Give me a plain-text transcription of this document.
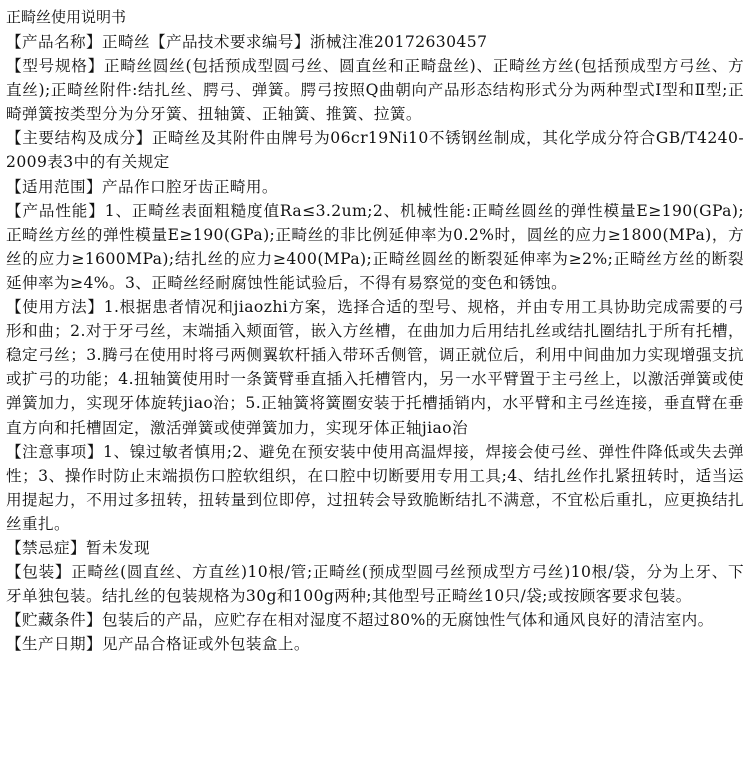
正畸丝使用说明书

【产品名称】正畸丝【产品技术要求编号】浙械注准20172630457

【型号规格】正畸丝圆丝(包括预成型圆弓丝、圆直丝和正畸盘丝)、正畸丝方丝(包括预成型方弓丝、方直丝);正畸丝附件:结扎丝、腭弓、弹簧。腭弓按照Q曲朝向产品形态结构形式分为两种型式I型和Ⅱ型;正畸弹簧按类型分为分牙簧、扭轴簧、正轴簧、推簧、拉簧。

【主要结构及成分】正畸丝及其附件由牌号为06cr19Ni10不锈钢丝制成，其化学成分符合GB/T4240-2009表3中的有关规定

【适用范围】产品作口腔牙齿正畸用。

【产品性能】1、正畸丝表面粗糙度值Ra≤3.2um;2、机械性能:正畸丝圆丝的弹性模量E≥190(GPa);正畸丝方丝的弹性模量E≥190(GPa);正畸丝的非比例延伸率为0.2%时，圆丝的应力≥1800(MPa)，方丝的应力≥1600MPa);结扎丝的应力≥400(MPa);正畸丝圆丝的断裂延伸率为≥2%;正畸丝方丝的断裂延伸率为≥4%。3、正畸丝经耐腐蚀性能试验后，不得有易察觉的变色和锈蚀。

【使用方法】1.根据患者情况和jiaozhi方案，选择合适的型号、规格，并由专用工具协助完成需要的弓形和曲；2.对于牙弓丝，末端插入颊面管，嵌入方丝槽，在曲加力后用结扎丝或结扎圈结扎于所有托槽，稳定弓丝；3.腾弓在使用时将弓两侧翼软杆插入带环舌侧管，调正就位后，利用中间曲加力实现增强支抗或扩弓的功能；4.扭轴簧使用时一条簧臂垂直插入托槽管内，另一水平臂置于主弓丝上，以激活弹簧或使弹簧加力，实现牙体旋转jiao治；5.正轴簧将簧圈安装于托槽插销内，水平臂和主弓丝连接，垂直臂在垂直方向和托槽固定，激活弹簧或使弹簧加力，实现牙体正轴jiao治

【注意事项】1、镍过敏者慎用;2、避免在预安装中使用高温焊接，焊接会使弓丝、弹性件降低或失去弹性；3、操作时防止末端损伤口腔软组织，在口腔中切断要用专用工具;4、结扎丝作扎紧扭转时，适当运用提起力，不用过多扭转，扭转量到位即停，过扭转会导致脆断结扎不满意，不宜松后重扎，应更换结扎丝重扎。

【禁忌症】暂未发现

【包装】正畸丝(圆直丝、方直丝)10根/管;正畸丝(预成型圆弓丝预成型方弓丝)10根/袋，分为上牙、下牙单独包装。结扎丝的包装规格为30g和100g两种;其他型号正畸丝10只/袋;或按顾客要求包装。

【贮藏条件】包装后的产品，应贮存在相对湿度不超过80%的无腐蚀性气体和通风良好的清洁室内。

【生产日期】见产品合格证或外包装盒上。
